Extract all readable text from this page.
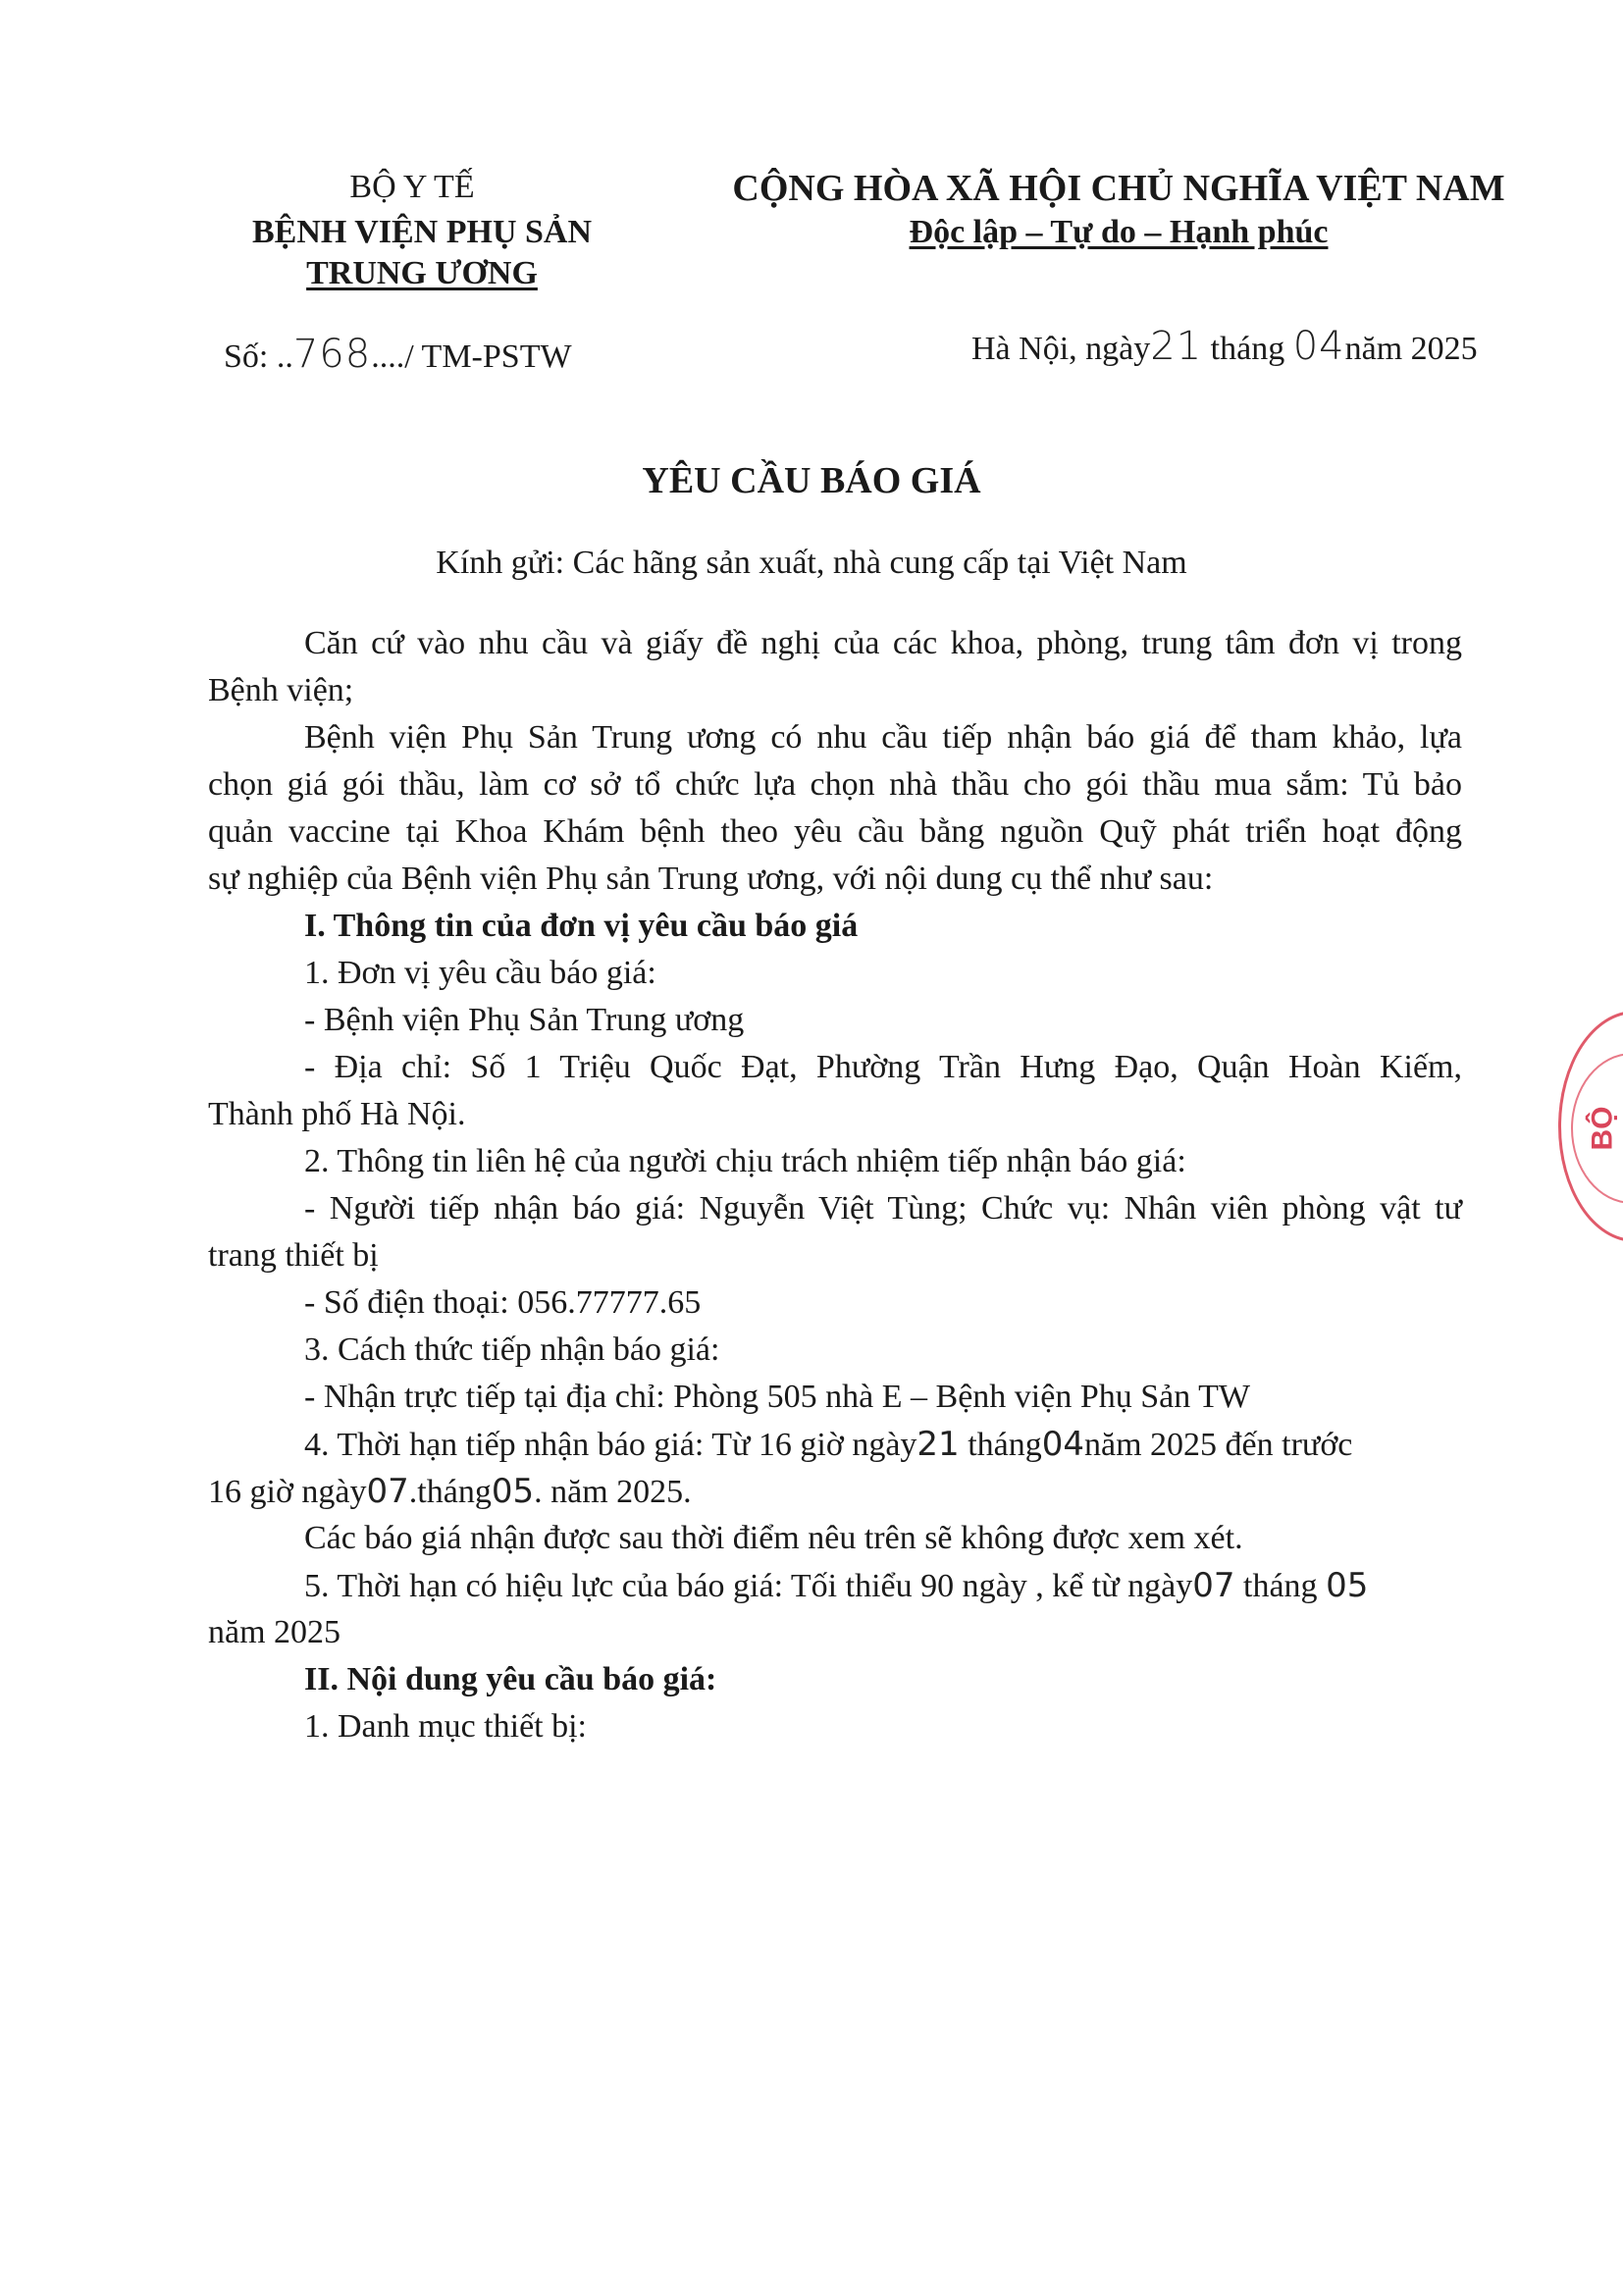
BỘ Y TẾ
BỆNH VIỆN PHỤ SẢN
TRUNG ƯƠNG
CỘNG HÒA XÃ HỘI CHỦ NGHĨA VIỆT NAM
Độc lập – Tự do – Hạnh phúc
Số: ..768..../ TM-PSTW	Hà Nội, ngày21 tháng 04năm 2025
YÊU CẦU BÁO GIÁ
Kính gửi: Các hãng sản xuất, nhà cung cấp tại Việt Nam
Căn cứ vào nhu cầu và giấy đề nghị của các khoa, phòng, trung tâm đơn vị trong
Bệnh viện;
Bệnh viện Phụ Sản Trung ương có nhu cầu tiếp nhận báo giá để tham khảo, lựa
chọn giá gói thầu, làm cơ sở tổ chức lựa chọn nhà thầu cho gói thầu mua sắm: Tủ bảo
quản vaccine tại Khoa Khám bệnh theo yêu cầu bằng nguồn Quỹ phát triển hoạt động
sự nghiệp của Bệnh viện Phụ sản Trung ương, với nội dung cụ thể như sau:
I. Thông tin của đơn vị yêu cầu báo giá
1. Đơn vị yêu cầu báo giá:
- Bệnh viện Phụ Sản Trung ương
- Địa chỉ: Số 1 Triệu Quốc Đạt, Phường Trần Hưng Đạo, Quận Hoàn Kiếm,
Thành phố Hà Nội.
2. Thông tin liên hệ của người chịu trách nhiệm tiếp nhận báo giá:
- Người tiếp nhận báo giá: Nguyễn Việt Tùng; Chức vụ: Nhân viên phòng vật tư
trang thiết bị
- Số điện thoại: 056.77777.65
3. Cách thức tiếp nhận báo giá:
- Nhận trực tiếp tại địa chỉ: Phòng 505 nhà E – Bệnh viện Phụ Sản TW
4. Thời hạn tiếp nhận báo giá: Từ 16 giờ ngày21 tháng04năm 2025 đến trước
16 giờ ngày07.tháng05. năm 2025.
Các báo giá nhận được sau thời điểm nêu trên sẽ không được xem xét.
5. Thời hạn có hiệu lực của báo giá: Tối thiểu 90 ngày , kể từ ngày07 tháng 05
năm 2025
II. Nội dung yêu cầu báo giá:
1. Danh mục thiết bị:
BỘ
